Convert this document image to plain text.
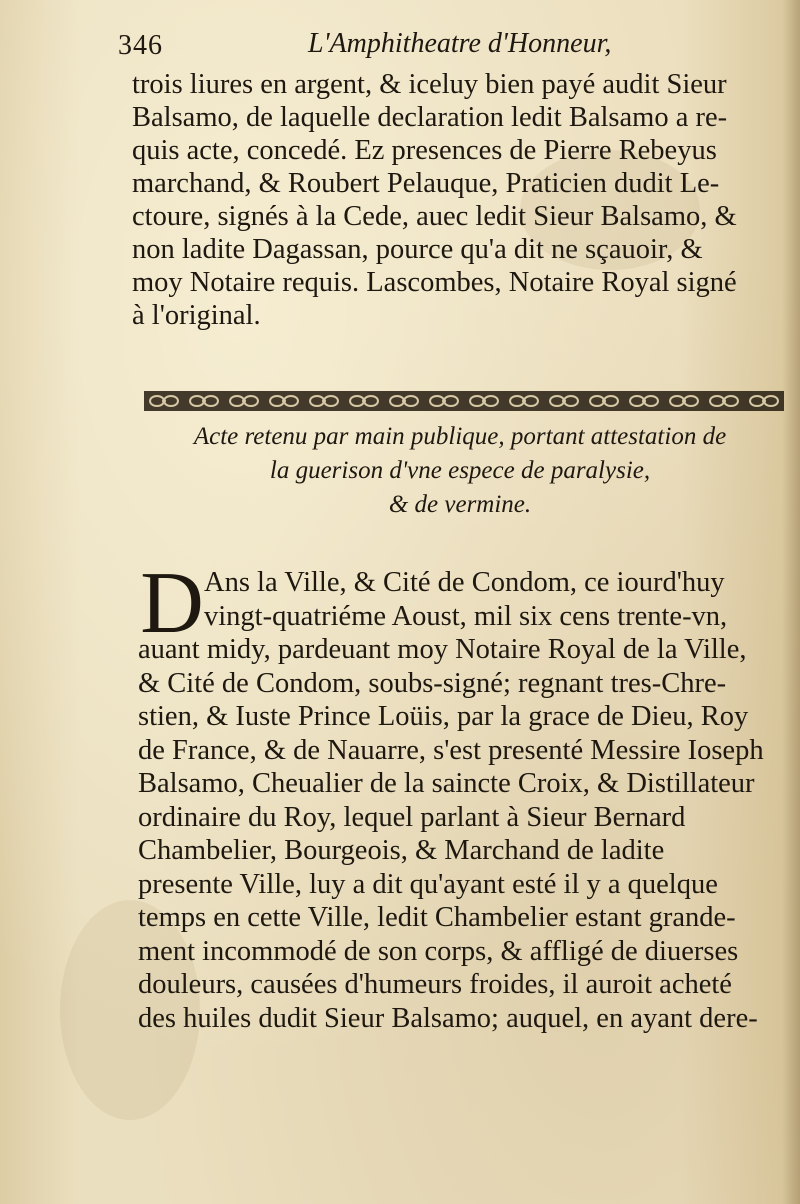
346	L'Amphitheatre d'Honneur,
trois liures en argent, & iceluy bien payé audit Sieur
Balsamo, de laquelle declaration ledit Balsamo a re-
quis acte, concedé. Ez presences de Pierre Rebeyus
marchand, & Roubert Pelauque, Praticien dudit Le-
ctoure, signés à la Cede, auec ledit Sieur Balsamo, &
non ladite Dagassan, pource qu'a dit ne sçauoir, &
moy Notaire requis. Lascombes, Notaire Royal signé
à l'original.
Acte retenu par main publique, portant attestation de
la guerison d'vne espece de paralysie,
& de vermine.
D Ans la Ville, & Cité de Condom, ce iourd'huy
vingt-quatriéme Aoust, mil six cens trente-vn,
auant midy, pardeuant moy Notaire Royal de la Ville,
& Cité de Condom, soubs-signé; regnant tres-Chre-
stien, & Iuste Prince Loüis, par la grace de Dieu, Roy
de France, & de Nauarre, s'est presenté Messire Ioseph
Balsamo, Cheualier de la saincte Croix, & Distillateur
ordinaire du Roy, lequel parlant à Sieur Bernard
Chambelier, Bourgeois, & Marchand de ladite
presente Ville, luy a dit qu'ayant esté il y a quelque
temps en cette Ville, ledit Chambelier estant grande-
ment incommodé de son corps, & affligé de diuerses
douleurs, causées d'humeurs froides, il auroit acheté
des huiles dudit Sieur Balsamo; auquel, en ayant dere-
